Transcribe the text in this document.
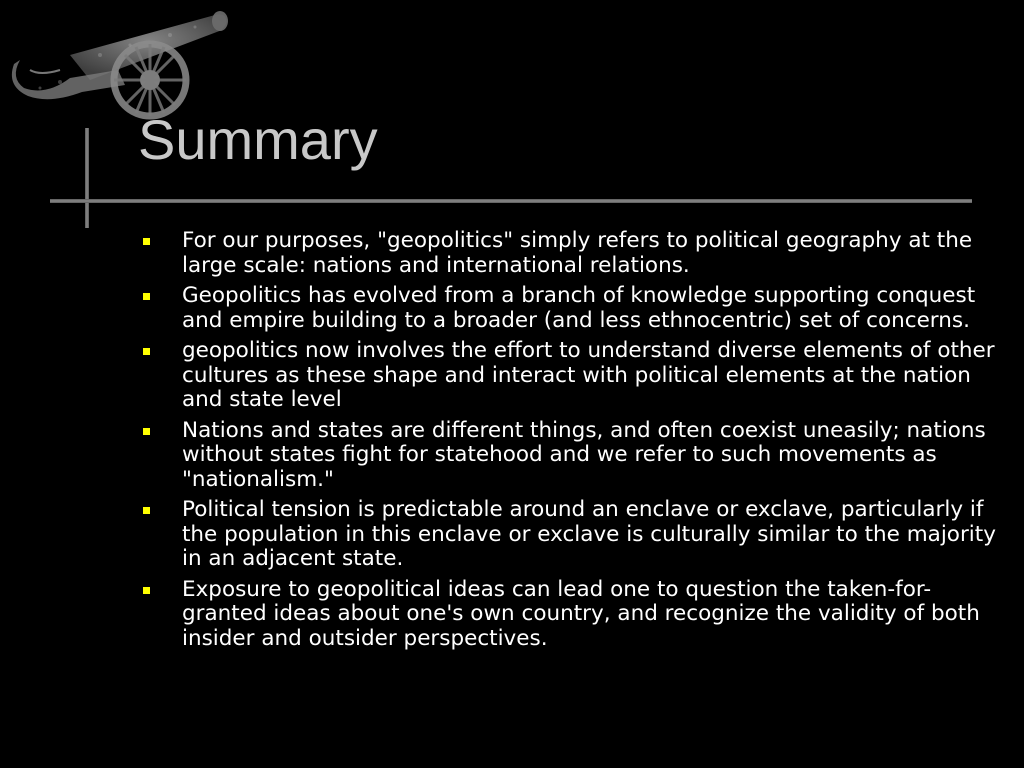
Summary
For our purposes, "geopolitics" simply refers to political geography at the large scale: nations and international relations.
Geopolitics has evolved from a branch of knowledge supporting conquest and empire building to a broader (and less ethnocentric) set of concerns.
geopolitics now involves the effort to understand diverse elements of other cultures as these shape and interact with political elements at the nation and state level
Nations and states are different things, and often coexist uneasily; nations without states fight for statehood and we refer to such movements as "nationalism."
Political tension is predictable around an enclave or exclave, particularly if the population in this enclave or exclave is culturally similar to the majority in an adjacent state.
Exposure to geopolitical ideas can lead one to question the taken-for-granted ideas about one's own country, and recognize the validity of both insider and outsider perspectives.
